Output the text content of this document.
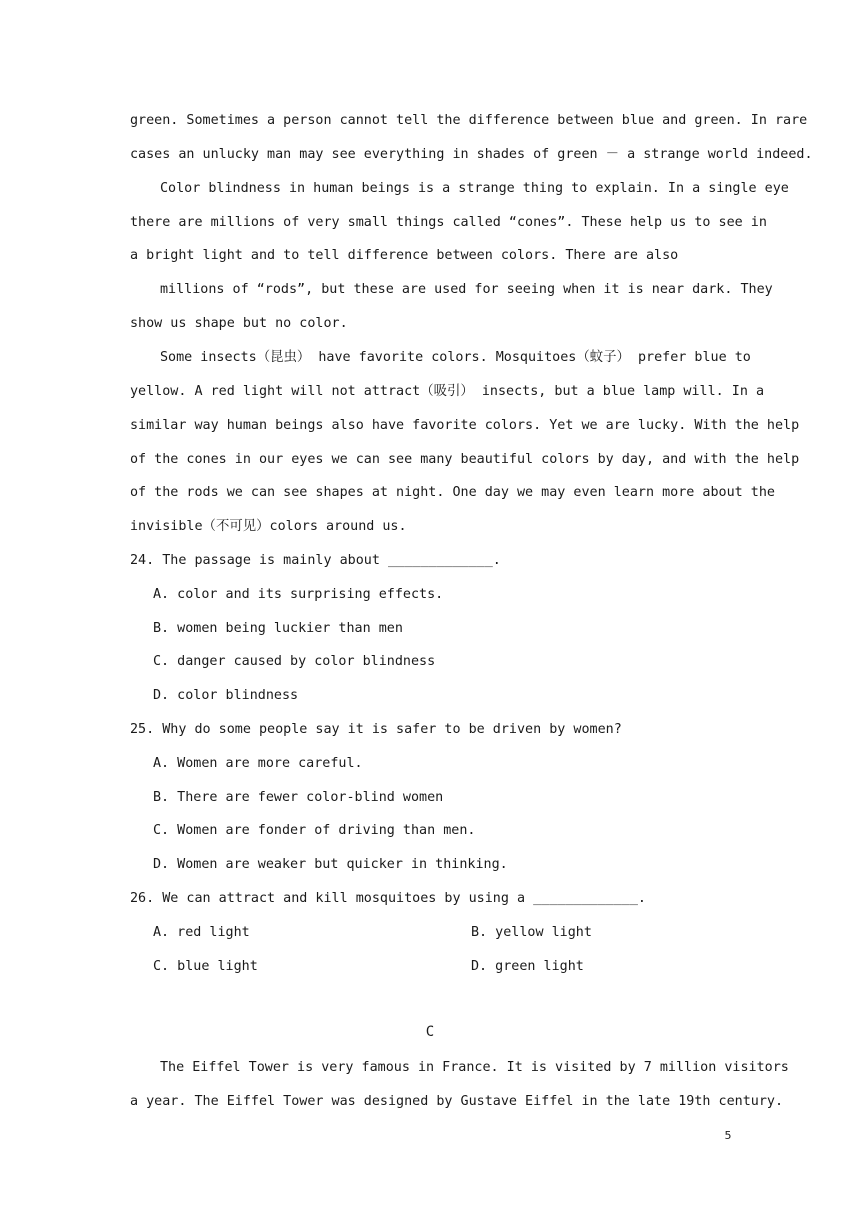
green. Sometimes a person cannot tell the difference between blue and green. In rare
cases an unlucky man may see everything in shades of green － a strange world indeed.
Color blindness in human beings is a strange thing to explain. In a single eye
there are millions of very small things called “cones”. These help us to see in
a bright light and to tell difference between colors. There are also
millions of “rods”, but these are used for seeing when it is near dark. They
show us shape but no color.
Some insects（昆虫） have favorite colors. Mosquitoes（蚊子） prefer blue to
yellow. A red light will not attract（吸引） insects, but a blue lamp will. In a
similar way human beings also have favorite colors. Yet we are lucky. With the help
of the cones in our eyes we can see many beautiful colors by day, and with the help
of the rods we can see shapes at night. One day we may even learn more about the
invisible（不可见）colors around us.
24. The passage is mainly about _____________.
A. color and its surprising effects.
B. women being luckier than men
C. danger caused by color blindness
D. color blindness
25. Why do some people say it is safer to be driven by women?
A. Women are more careful.
B. There are fewer color-blind women
C. Women are fonder of driving than men.
D. Women are weaker but quicker in thinking.
26. We can attract and kill mosquitoes by using a _____________.
A. red light	B. yellow light
C. blue light	D. green light
C
The Eiffel Tower is very famous in France. It is visited by 7 million visitors
a year. The Eiffel Tower was designed by Gustave Eiffel in the late 19th century.
5
